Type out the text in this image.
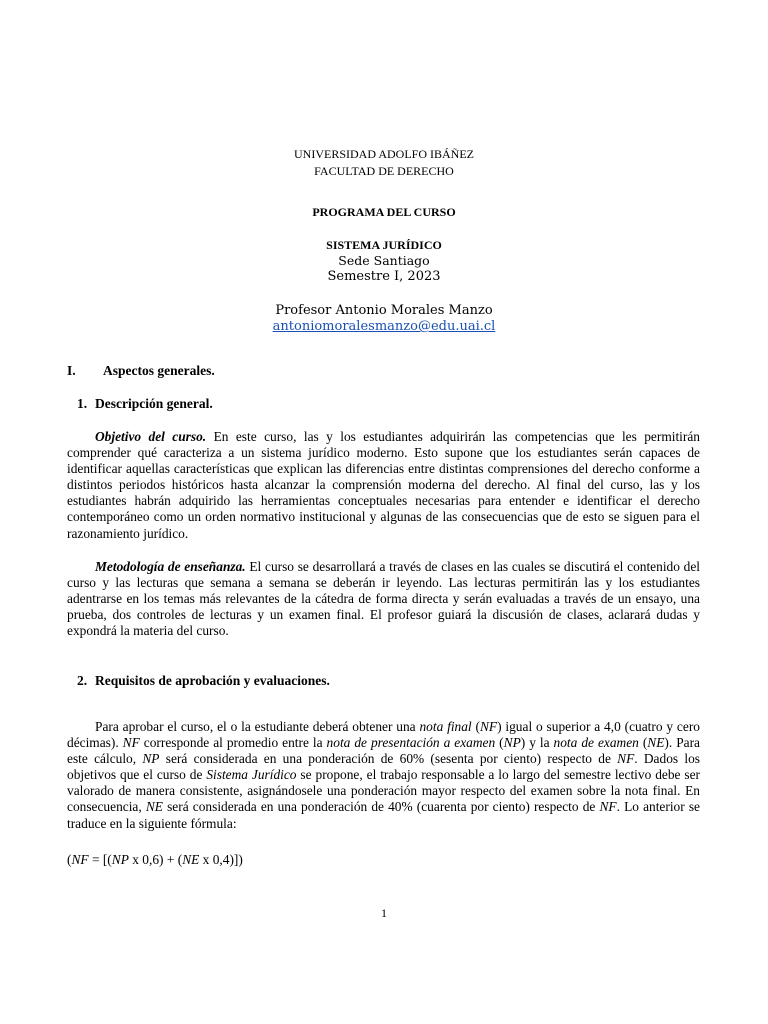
UNIVERSIDAD ADOLFO IBÁÑEZ
FACULTAD DE DERECHO
PROGRAMA DEL CURSO
SISTEMA JURÍDICO
Sede Santiago
Semestre I, 2023
Profesor Antonio Morales Manzo
antoniomoralesmanzo@edu.uai.cl
I. Aspectos generales.
1. Descripción general.
Objetivo del curso. En este curso, las y los estudiantes adquirirán las competencias que les permitirán comprender qué caracteriza a un sistema jurídico moderno. Esto supone que los estudiantes serán capaces de identificar aquellas características que explican las diferencias entre distintas comprensiones del derecho conforme a distintos periodos históricos hasta alcanzar la comprensión moderna del derecho. Al final del curso, las y los estudiantes habrán adquirido las herramientas conceptuales necesarias para entender e identificar el derecho contemporáneo como un orden normativo institucional y algunas de las consecuencias que de esto se siguen para el razonamiento jurídico.
Metodología de enseñanza. El curso se desarrollará a través de clases en las cuales se discutirá el contenido del curso y las lecturas que semana a semana se deberán ir leyendo. Las lecturas permitirán las y los estudiantes adentrarse en los temas más relevantes de la cátedra de forma directa y serán evaluadas a través de un ensayo, una prueba, dos controles de lecturas y un examen final. El profesor guiará la discusión de clases, aclarará dudas y expondrá la materia del curso.
2. Requisitos de aprobación y evaluaciones.
Para aprobar el curso, el o la estudiante deberá obtener una nota final (NF) igual o superior a 4,0 (cuatro y cero décimas). NF corresponde al promedio entre la nota de presentación a examen (NP) y la nota de examen (NE). Para este cálculo, NP será considerada en una ponderación de 60% (sesenta por ciento) respecto de NF. Dados los objetivos que el curso de Sistema Jurídico se propone, el trabajo responsable a lo largo del semestre lectivo debe ser valorado de manera consistente, asignándosele una ponderación mayor respecto del examen sobre la nota final. En consecuencia, NE será considerada en una ponderación de 40% (cuarenta por ciento) respecto de NF. Lo anterior se traduce en la siguiente fórmula:
(NF = [(NP x 0,6) + (NE x 0,4)])
1
